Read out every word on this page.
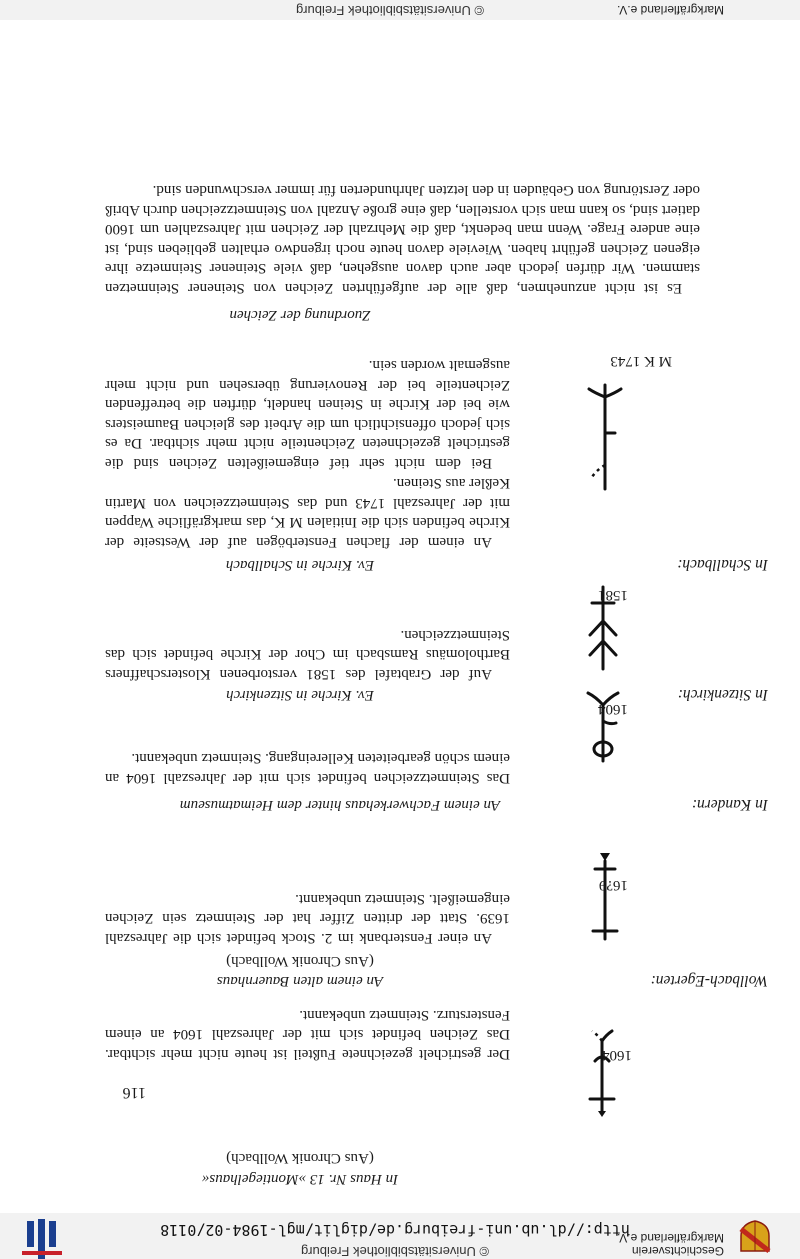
Geschichtsverein
Markgräflerland e.V.
http://dl.ub.uni-freiburg.de/diglit/mgl-1984-02/0118
© Universitätsbibliothek Freiburg
In Haus Nr. 13 »Montiegelhaus«
(Aus Chronik Wollbach)
1604

Der gestrichelt gezeichnete Fußteil ist heute nicht mehr sichtbar. Das Zeichen befindet sich mit der Jahreszahl 1604 an einem Fenstersturz. Steinmetz unbekannt.

Wollbach-Egerten:
An einem alten Bauernhaus
(Aus Chronik Wollbach)
16?9

An einer Fensterbank im 2. Stock befindet sich die Jahreszahl 1639. Statt der dritten Ziffer hat der Steinmetz sein Zeichen eingemeißelt. Steinmetz unbekannt.

In Kandern:
An einem Fachwerkehaus hinter dem Heimatmuseum
1604

Das Steinmetzzeichen befindet sich mit der Jahreszahl 1604 an einem schön gearbeiteten Kellereingang. Steinmetz unbekannt.

In Sitzenkirch:
Ev. Kirche in Sitzenkirch
1581

Auf der Grabtafel des 1581 verstorbenen Klosterschaffners Bartholomäus Ramsbach im Chor der Kirche befindet sich das Steinmetzzeichen.

In Schallbach:
Ev. Kirche in Schallbach

An einem der flachen Fensterbögen auf der Westseite der Kirche befinden sich die Initialen M K, das markgräfliche Wappen mit der Jahreszahl 1743 und das Steinmetzzeichen von Martin Keßler aus Steinen.

Bei dem nicht sehr tief eingemeißelten Zeichen sind die gestrichelt gezeichneten Zeichenteile nicht mehr sichtbar. Da es sich jedoch offensichtlich um die Arbeit des gleichen Baumeisters wie bei der Kirche in Steinen handelt, dürften die betreffenden Zeichenteile bei der Renovierung übersehen und nicht mehr ausgemalt worden sein.	M K 1743
Zuordnung der Zeichen

Es ist nicht anzunehmen, daß alle der aufgeführten Zeichen von Steinener Steinmetzen stammen. Wir dürfen jedoch aber auch davon ausgehen, daß viele Steinener Steinmetze ihre eigenen Zeichen geführt haben. Wieviele davon heute noch irgendwo erhalten geblieben sind, ist eine andere Frage. Wenn man bedenkt, daß die Mehrzahl der Zeichen mit Jahreszahlen um 1600 datiert sind, so kann man sich vorstellen, daß eine große Anzahl von Steinmetzzeichen durch Abriß oder Zerstörung von Gebäuden in den letzten Jahrhunderten für immer verschwunden sind.

116
Markgräflerland e.V.
© Universitätsbibliothek Freiburg
